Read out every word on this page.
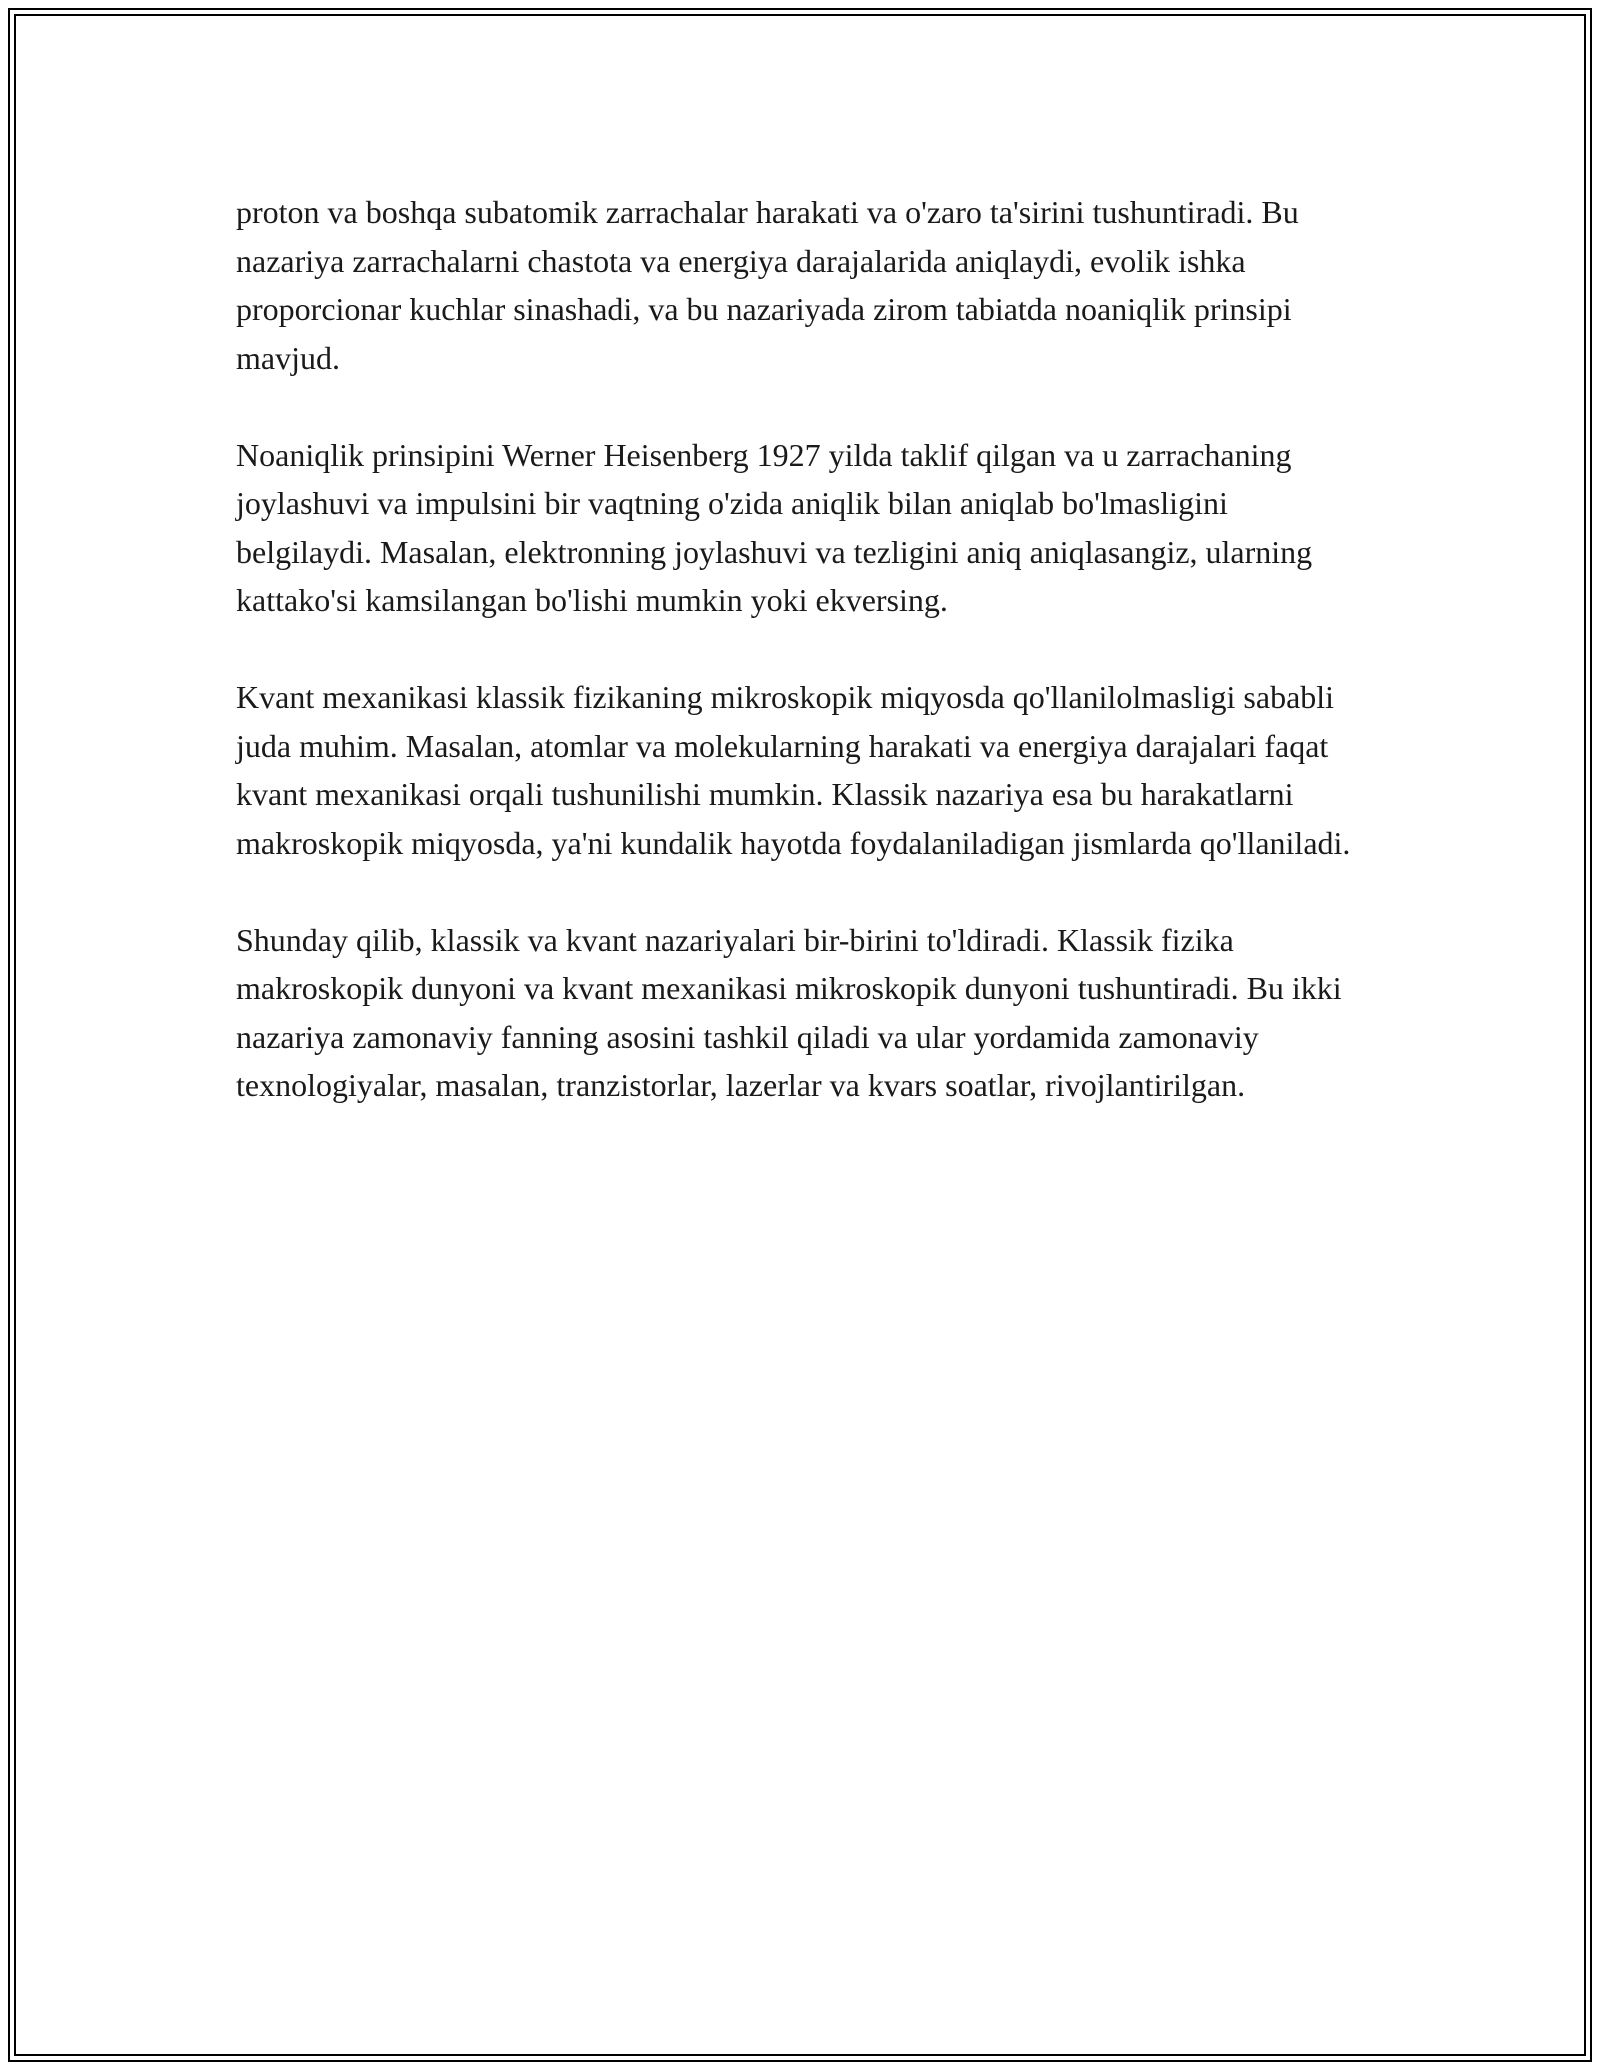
proton va boshqa subatomik zarrachalar harakati va o'zaro ta'sirini tushuntiradi. Bu nazariya zarrachalarni chastota va energiya darajalarida aniqlaydi, evolik ishka proporcionar kuchlar sinashadi, va bu nazariyada zirom tabiatda noaniqlik prinsipi mavjud.

Noaniqlik prinsipini Werner Heisenberg 1927 yilda taklif qilgan va u zarrachaning joylashuvi va impulsini bir vaqtning o'zida aniqlik bilan aniqlab bo'lmasligini belgilaydi. Masalan, elektronning joylashuvi va tezligini aniq aniqlasangiz, ularning kattako'si kamsilangan bo'lishi mumkin yoki ekversing.

Kvant mexanikasi klassik fizikaning mikroskopik miqyosda qo'llanilolmasligi sababli juda muhim. Masalan, atomlar va molekularning harakati va energiya darajalari faqat kvant mexanikasi orqali tushunilishi mumkin. Klassik nazariya esa bu harakatlarni makroskopik miqyosda, ya'ni kundalik hayotda foydalaniladigan jismlarda qo'llaniladi.

Shunday qilib, klassik va kvant nazariyalari bir-birini to'ldiradi. Klassik fizika makroskopik dunyoni va kvant mexanikasi mikroskopik dunyoni tushuntiradi. Bu ikki nazariya zamonaviy fanning asosini tashkil qiladi va ular yordamida zamonaviy texnologiyalar, masalan, tranzistorlar, lazerlar va kvars soatlar, rivojlantirilgan.
